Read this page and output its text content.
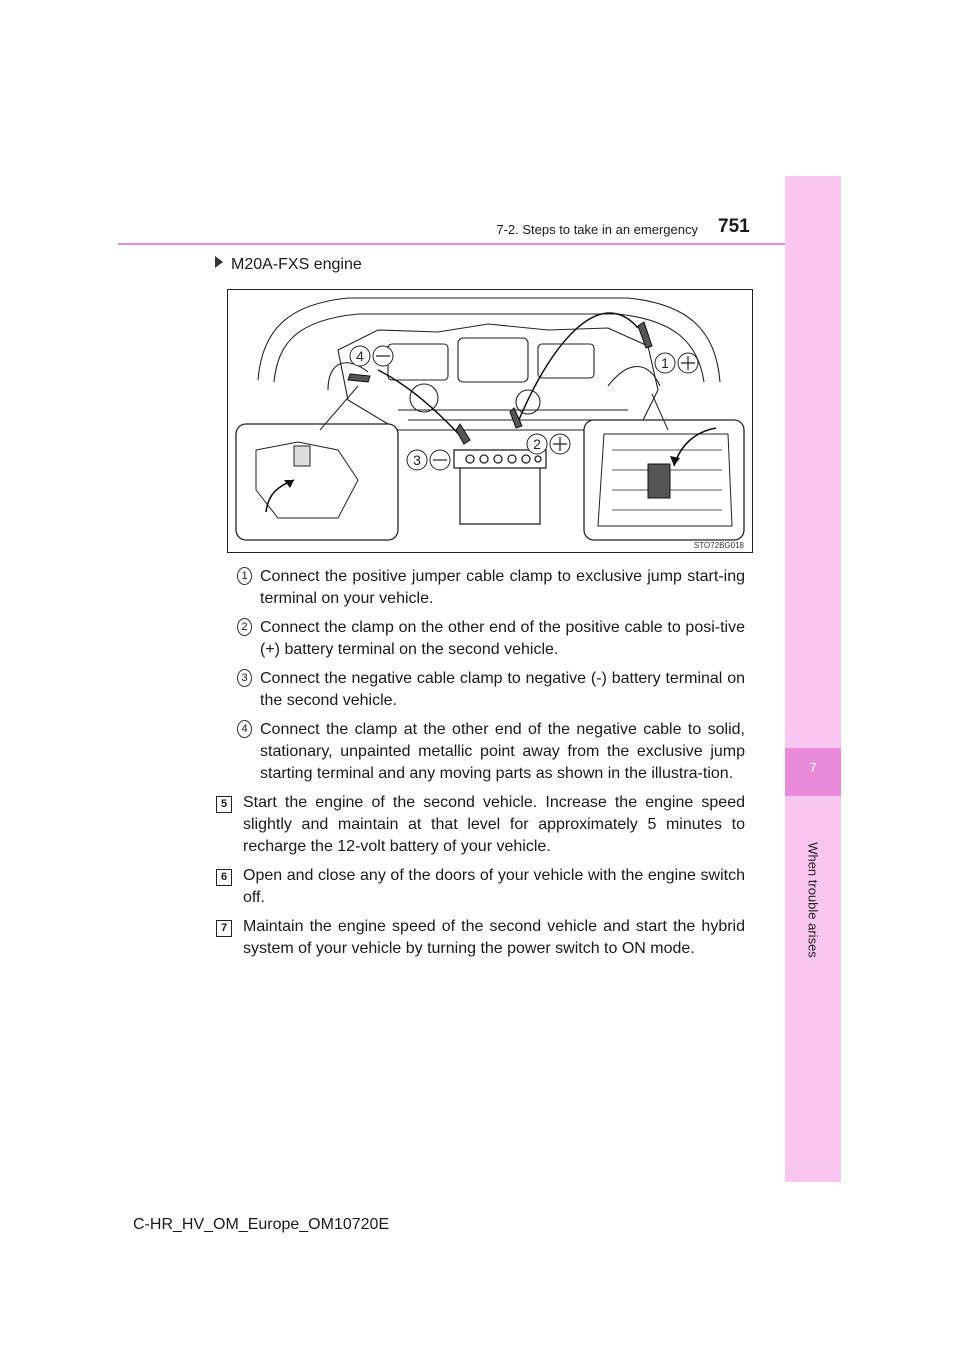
7
When trouble arises
7-2. Steps to take in an emergency 751
M20A-FXS engine
1
2
3
4
STO72BG018
1 Connect the positive jumper cable clamp to exclusive jump start-ing terminal on your vehicle.
2 Connect the clamp on the other end of the positive cable to posi-tive (+) battery terminal on the second vehicle.
3 Connect the negative cable clamp to negative (-) battery terminal on the second vehicle.
4 Connect the clamp at the other end of the negative cable to solid, stationary, unpainted metallic point away from the exclusive jump starting terminal and any moving parts as shown in the illustra-tion.
5 Start the engine of the second vehicle. Increase the engine speed slightly and maintain at that level for approximately 5 minutes to recharge the 12-volt battery of your vehicle.
6 Open and close any of the doors of your vehicle with the engine switch off.
7 Maintain the engine speed of the second vehicle and start the hybrid system of your vehicle by turning the power switch to ON mode.
C-HR_HV_OM_Europe_OM10720E
